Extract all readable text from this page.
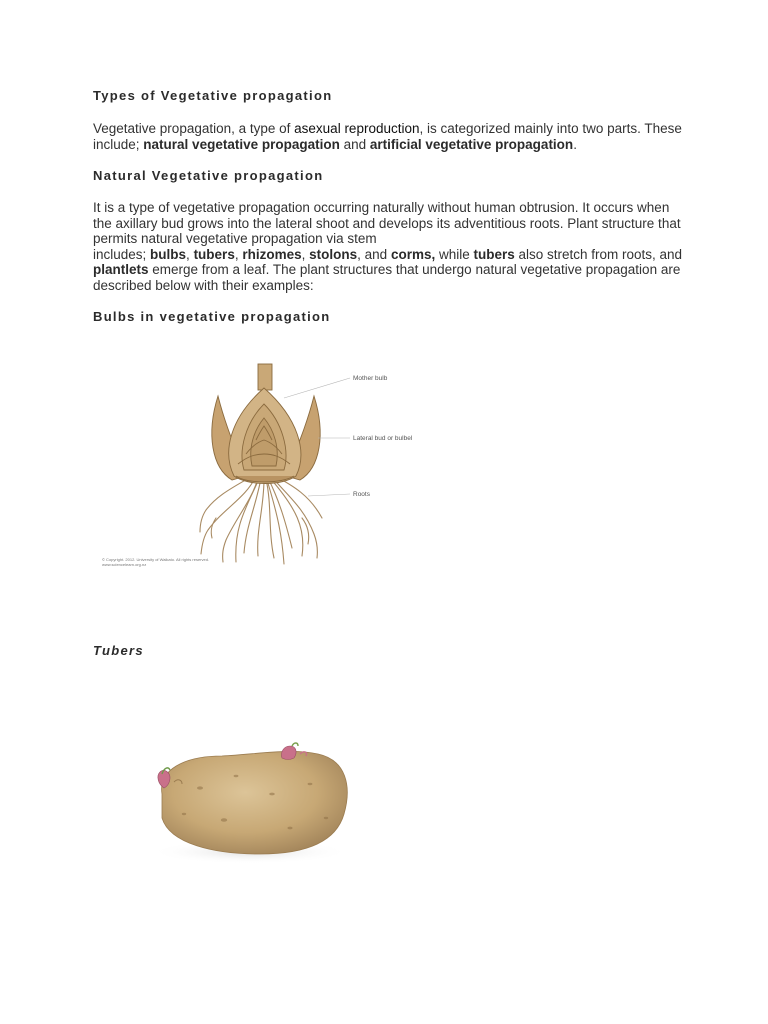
Types of Vegetative propagation
Vegetative propagation, a type of asexual reproduction, is categorized mainly into two parts. These include; natural vegetative propagation and artificial vegetative propagation.
Natural Vegetative propagation
It is a type of vegetative propagation occurring naturally without human obtrusion. It occurs when the axillary bud grows into the lateral shoot and develops its adventitious roots. Plant structure that permits natural vegetative propagation via stem
includes; bulbs, tubers, rhizomes, stolons, and corms, while tubers also stretch from roots, and plantlets emerge from a leaf. The plant structures that undergo natural vegetative propagation are described below with their examples:
Bulbs in vegetative propagation
Tubers
Mother bulb
Lateral bud or bulbel
Roots
© Copyright. 2012. University of Waikato. All rights reserved.
www.sciencelearn.org.nz
